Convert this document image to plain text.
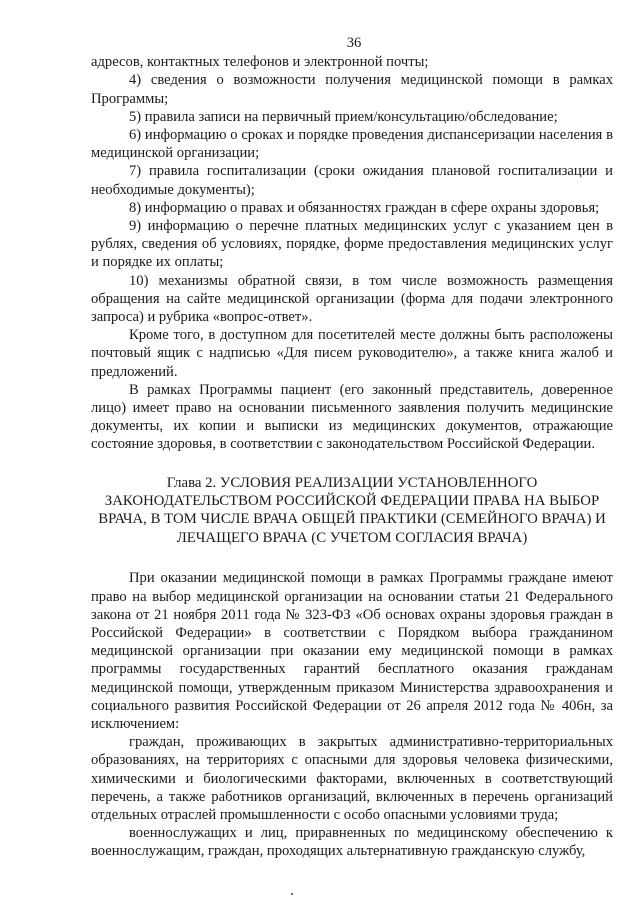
36

адресов, контактных телефонов и электронной почты;

4) сведения о возможности получения медицинской помощи в рамках Программы;

5) правила записи на первичный прием/консультацию/обследование;

6) информацию о сроках и порядке проведения диспансеризации населения в медицинской организации;

7) правила госпитализации (сроки ожидания плановой госпитализации и необходимые документы);

8) информацию о правах и обязанностях граждан в сфере охраны здоровья;

9) информацию о перечне платных медицинских услуг с указанием цен в рублях, сведения об условиях, порядке, форме предоставления медицинских услуг и порядке их оплаты;

10) механизмы обратной связи, в том числе возможность размещения обращения на сайте медицинской организации (форма для подачи электронного запроса) и рубрика «вопрос-ответ».

Кроме того, в доступном для посетителей месте должны быть расположены почтовый ящик с надписью «Для писем руководителю», а также книга жалоб и предложений.

В рамках Программы пациент (его законный представитель, доверенное лицо) имеет право на основании письменного заявления получить медицинские документы, их копии и выписки из медицинских документов, отражающие состояние здоровья, в соответствии с законодательством Российской Федерации.

Глава 2. УСЛОВИЯ РЕАЛИЗАЦИИ УСТАНОВЛЕННОГО ЗАКОНОДАТЕЛЬСТВОМ РОССИЙСКОЙ ФЕДЕРАЦИИ ПРАВА НА ВЫБОР ВРАЧА, В ТОМ ЧИСЛЕ ВРАЧА ОБЩЕЙ ПРАКТИКИ (СЕМЕЙНОГО ВРАЧА) И ЛЕЧАЩЕГО ВРАЧА (С УЧЕТОМ СОГЛАСИЯ ВРАЧА)

При оказании медицинской помощи в рамках Программы граждане имеют право на выбор медицинской организации на основании статьи 21 Федерального закона от 21 ноября 2011 года № 323-ФЗ «Об основах охраны здоровья граждан в Российской Федерации» в соответствии с Порядком выбора гражданином медицинской организации при оказании ему медицинской помощи в рамках программы государственных гарантий бесплатного оказания гражданам медицинской помощи, утвержденным приказом Министерства здравоохранения и социального развития Российской Федерации от 26 апреля 2012 года № 406н, за исключением:

граждан, проживающих в закрытых административно-территориальных образованиях, на территориях с опасными для здоровья человека физическими, химическими и биологическими факторами, включенных в соответствующий перечень, а также работников организаций, включенных в перечень организаций отдельных отраслей промышленности с особо опасными условиями труда;

военнослужащих и лиц, приравненных по медицинскому обеспечению к военнослужащим, граждан, проходящих альтернативную гражданскую службу,
